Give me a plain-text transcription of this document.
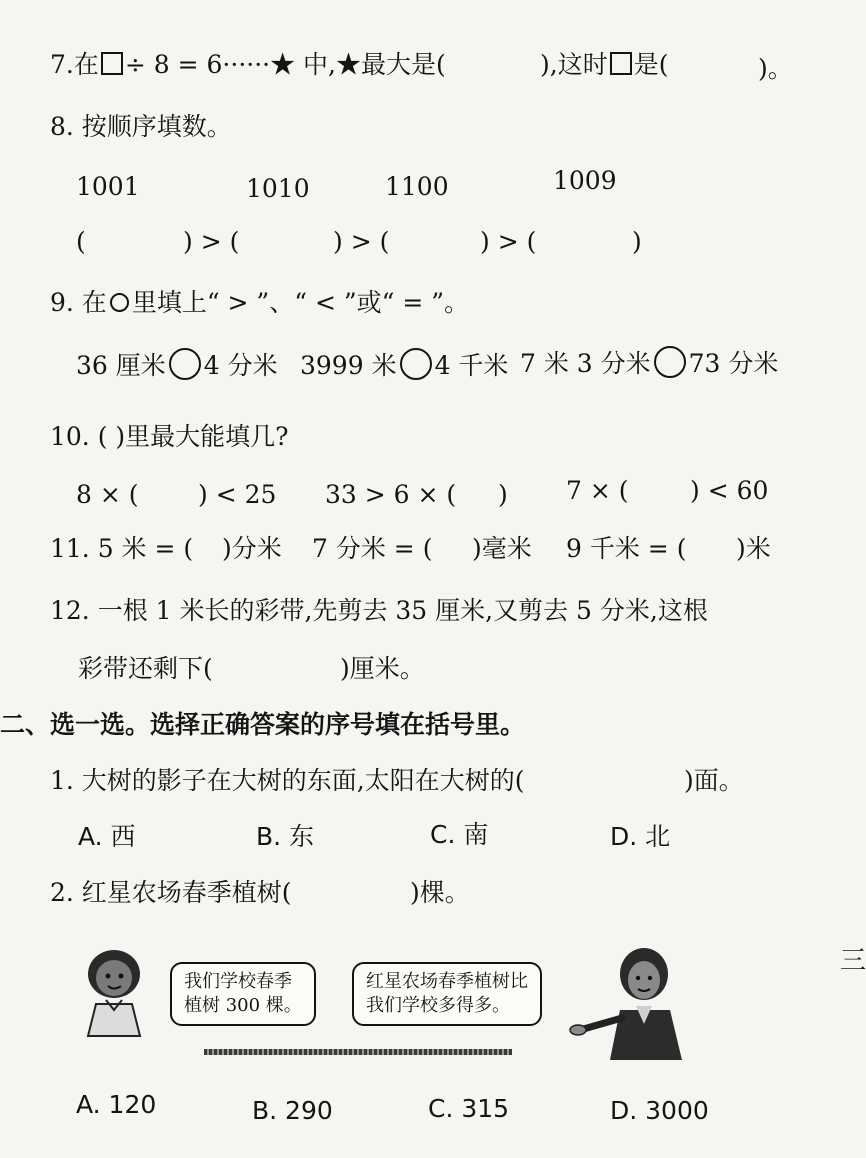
7.在 ÷ 8 = 6······★ 中,★最大是(	),这时 是(	)。
8. 按顺序填数。
1001	1010	1100	1009
(	) > (	) > (	) > (	)
9. 在 里填上“ > ”、“ < ”或“ = ”。
36 厘米 4 分米 3999 米 4 千米 7 米 3 分米 73 分米
10. ( )里最大能填几?
8 × ( ) < 25 33 > 6 × ( ) 7 × ( ) < 60
11. 5 米 = ( )分米 7 分米 = ( )毫米 9 千米 = ( )米
12. 一根 1 米长的彩带,先剪去 35 厘米,又剪去 5 分米,这根
彩带还剩下(	)厘米。
二、选一选。选择正确答案的序号填在括号里。
1. 大树的影子在大树的东面,太阳在大树的(	)面。
A. 西	B. 东	C. 南	D. 北
2. 红星农场春季植树(	)棵。
我们学校春季
植树 300 棵。
红星农场春季植树比
我们学校多得多。
A. 120	B. 290	C. 315	D. 3000
三
